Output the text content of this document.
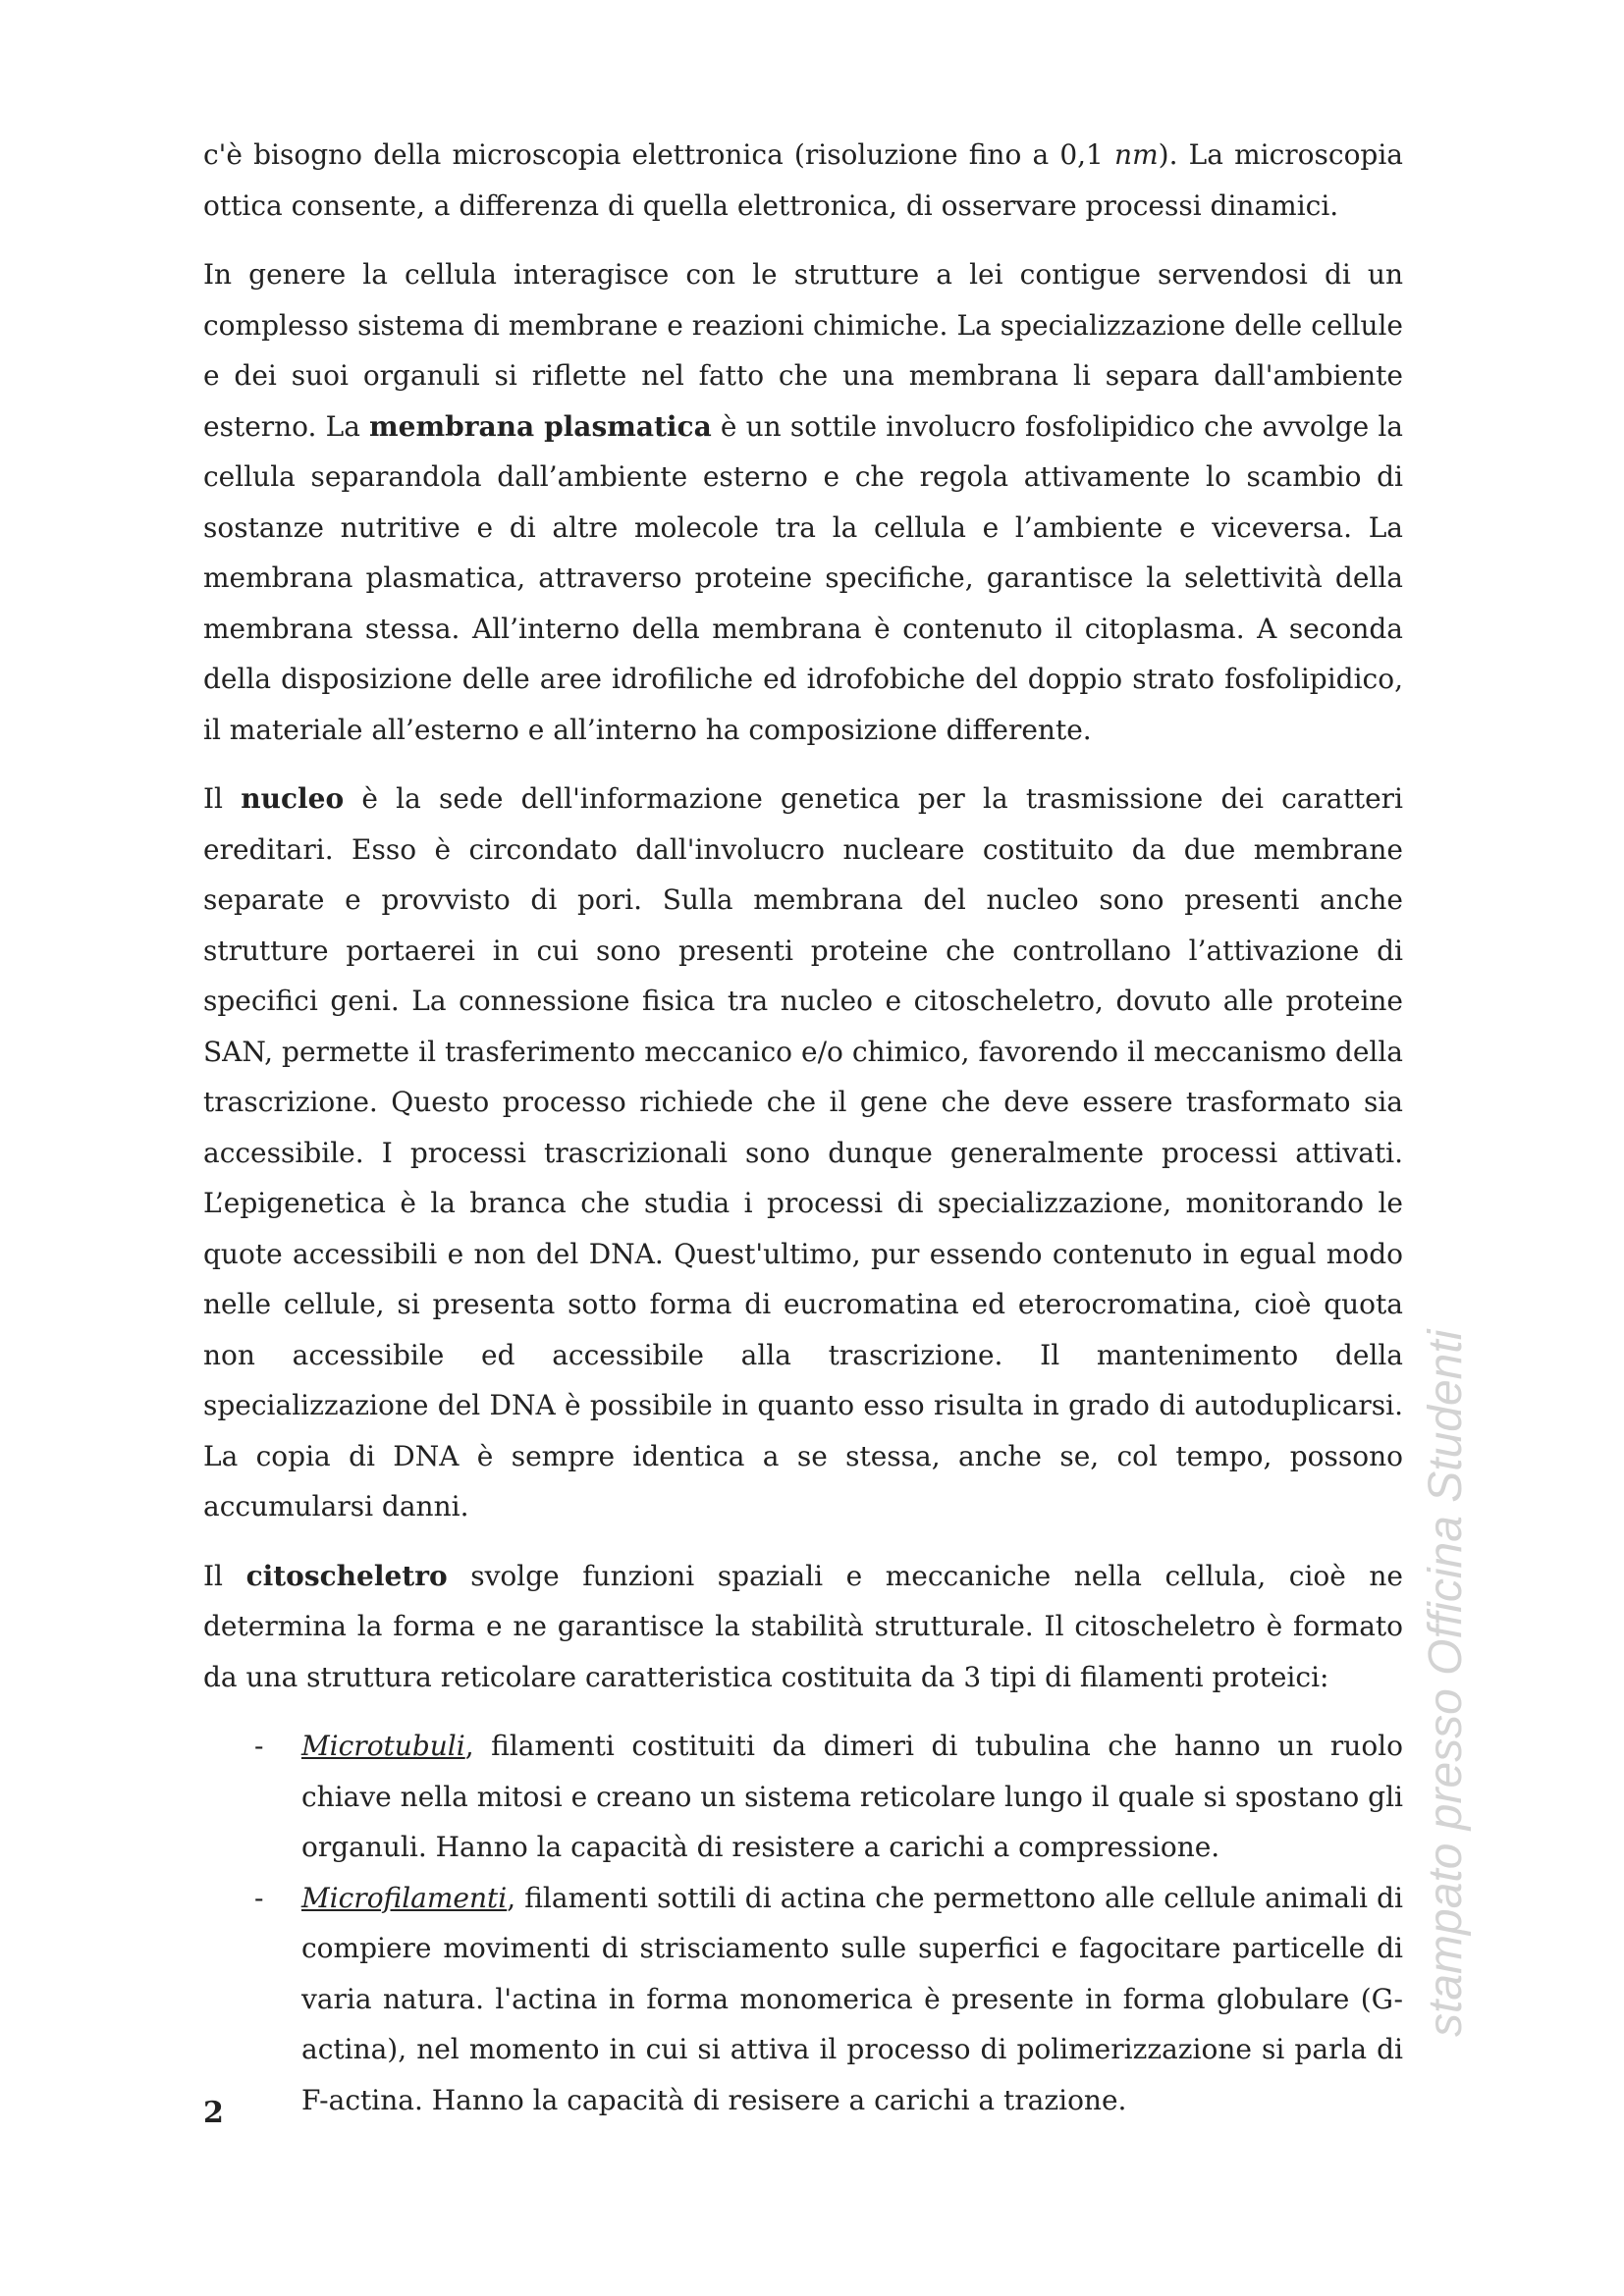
c'è bisogno della microscopia elettronica (risoluzione fino a 0,1 nm). La microscopia ottica consente, a differenza di quella elettronica, di osservare processi dinamici.

In genere la cellula interagisce con le strutture a lei contigue servendosi di un complesso sistema di membrane e reazioni chimiche. La specializzazione delle cellule e dei suoi organuli si riflette nel fatto che una membrana li separa dall'ambiente esterno. La membrana plasmatica è un sottile involucro fosfolipidico che avvolge la cellula separandola dall’ambiente esterno e che regola attivamente lo scambio di sostanze nutritive e di altre molecole tra la cellula e l’ambiente e viceversa. La membrana plasmatica, attraverso proteine specifiche, garantisce la selettività della membrana stessa. All’interno della membrana è contenuto il citoplasma. A seconda della disposizione delle aree idrofiliche ed idrofobiche del doppio strato fosfolipidico, il materiale all’esterno e all’interno ha composizione differente.

Il nucleo è la sede dell'informazione genetica per la trasmissione dei caratteri ereditari. Esso è circondato dall'involucro nucleare costituito da due membrane separate e provvisto di pori. Sulla membrana del nucleo sono presenti anche strutture portaerei in cui sono presenti proteine che controllano l’attivazione di specifici geni. La connessione fisica tra nucleo e citoscheletro, dovuto alle proteine SAN, permette il trasferimento meccanico e/o chimico, favorendo il meccanismo della trascrizione. Questo processo richiede che il gene che deve essere trasformato sia accessibile. I processi trascrizionali sono dunque generalmente processi attivati. L’epigenetica è la branca che studia i processi di specializzazione, monitorando le quote accessibili e non del DNA. Quest'ultimo, pur essendo contenuto in egual modo nelle cellule, si presenta sotto forma di eucromatina ed eterocromatina, cioè quota non accessibile ed accessibile alla trascrizione. Il mantenimento della specializzazione del DNA è possibile in quanto esso risulta in grado di autoduplicarsi. La copia di DNA è sempre identica a se stessa, anche se, col tempo, possono accumularsi danni.

Il citoscheletro svolge funzioni spaziali e meccaniche nella cellula, cioè ne determina la forma e ne garantisce la stabilità strutturale. Il citoscheletro è formato da una struttura reticolare caratteristica costituita da 3 tipi di filamenti proteici:

- Microtubuli, filamenti costituiti da dimeri di tubulina che hanno un ruolo chiave nella mitosi e creano un sistema reticolare lungo il quale si spostano gli organuli. Hanno la capacità di resistere a carichi a compressione.
- Microfilamenti, filamenti sottili di actina che permettono alle cellule animali di compiere movimenti di strisciamento sulle superfici e fagocitare particelle di varia natura. l'actina in forma monomerica è presente in forma globulare (G-actina), nel momento in cui si attiva il processo di polimerizzazione si parla di F-actina. Hanno la capacità di resisere a carichi a trazione.
2
stampato presso Officina Studenti
